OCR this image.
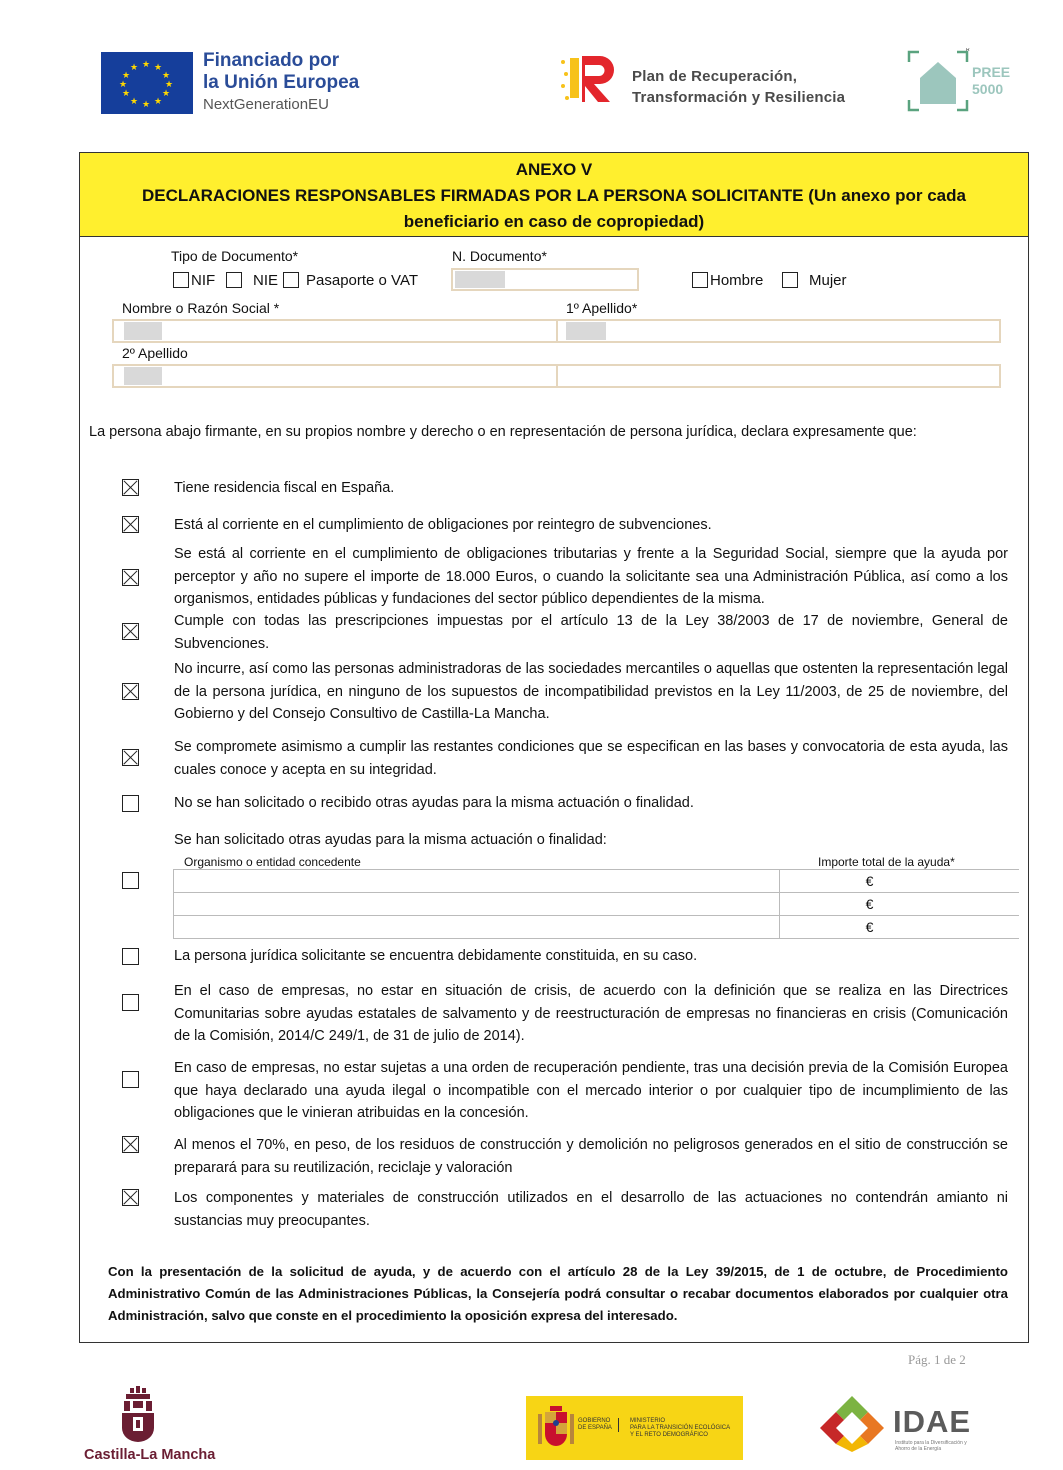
★ ★
★
★
★
★
★
★
★
★
★
★	Financiado por
la Unión Europea
NextGenerationEU
Plan de Recuperación,
Transformación y Resiliencia
R
PREE
5000
ANEXO V
DECLARACIONES RESPONSABLES FIRMADAS POR LA PERSONA SOLICITANTE (Un anexo por cada
beneficiario en caso de copropiedad)
Tipo de Documento*
NIF	NIE Pasaporte o VAT
N. Documento*
Hombre	Mujer
Nombre o Razón Social *	1º Apellido*
2º Apellido
La persona abajo firmante, en su propios nombre y derecho o en representación de persona jurídica, declara expresamente que:
Tiene residencia fiscal en España.
Está al corriente en el cumplimiento de obligaciones por reintegro de subvenciones.
Se está al corriente en el cumplimiento de obligaciones tributarias y frente a la Seguridad Social, siempre que la ayuda por perceptor y año no supere el importe de 18.000 Euros, o cuando la solicitante sea una Administración Pública, así como a los organismos, entidades públicas y fundaciones del sector público dependientes de la misma.
Cumple con todas las prescripciones impuestas por el artículo 13 de la Ley 38/2003 de 17 de noviembre, General de Subvenciones.
No incurre, así como las personas administradoras de las sociedades mercantiles o aquellas que ostenten la representación legal de la persona jurídica, en ninguno de los supuestos de incompatibilidad previstos en la Ley 11/2003, de 25 de noviembre, del Gobierno y del Consejo Consultivo de Castilla-La Mancha.
Se compromete asimismo a cumplir las restantes condiciones que se especifican en las bases y convocatoria de esta ayuda, las cuales conoce y acepta en su integridad.
No se han solicitado o recibido otras ayudas para la misma actuación o finalidad.
Se han solicitado otras ayudas para la misma actuación o finalidad:
Organismo o entidad concedente	Importe total de la ayuda*
€
€
€
La persona jurídica solicitante se encuentra debidamente constituida, en su caso.
En el caso de empresas, no estar en situación de crisis, de acuerdo con la definición que se realiza en las Directrices Comunitarias sobre ayudas estatales de salvamento y de reestructuración de empresas no financieras en crisis (Comunicación de la Comisión, 2014/C 249/1, de 31 de julio de 2014).
En caso de empresas, no estar sujetas a una orden de recuperación pendiente, tras una decisión previa de la Comisión Europea que haya declarado una ayuda ilegal o incompatible con el mercado interior o por cualquier tipo de incumplimiento de las obligaciones que le vinieran atribuidas en la concesión.
Al menos el 70%, en peso, de los residuos de construcción y demolición no peligrosos generados en el sitio de construcción se preparará para su reutilización, reciclaje y valoración
Los componentes y materiales de construcción utilizados en el desarrollo de las actuaciones no contendrán amianto ni sustancias muy preocupantes.
Con la presentación de la solicitud de ayuda, y de acuerdo con el artículo 28 de la Ley 39/2015, de 1 de octubre, de Procedimiento Administrativo Común de las Administraciones Públicas, la Consejería podrá consultar o recabar documentos elaborados por cualquier otra Administración, salvo que conste en el procedimiento la oposición expresa del interesado.
Pág. 1 de 2
Castilla-La Mancha
GOBIERNO
DE ESPAÑA
MINISTERIO
PARA LA TRANSICIÓN ECOLÓGICA
Y EL RETO DEMOGRÁFICO	IDAE
Instituto para la Diversificación y Ahorro de la Energía
